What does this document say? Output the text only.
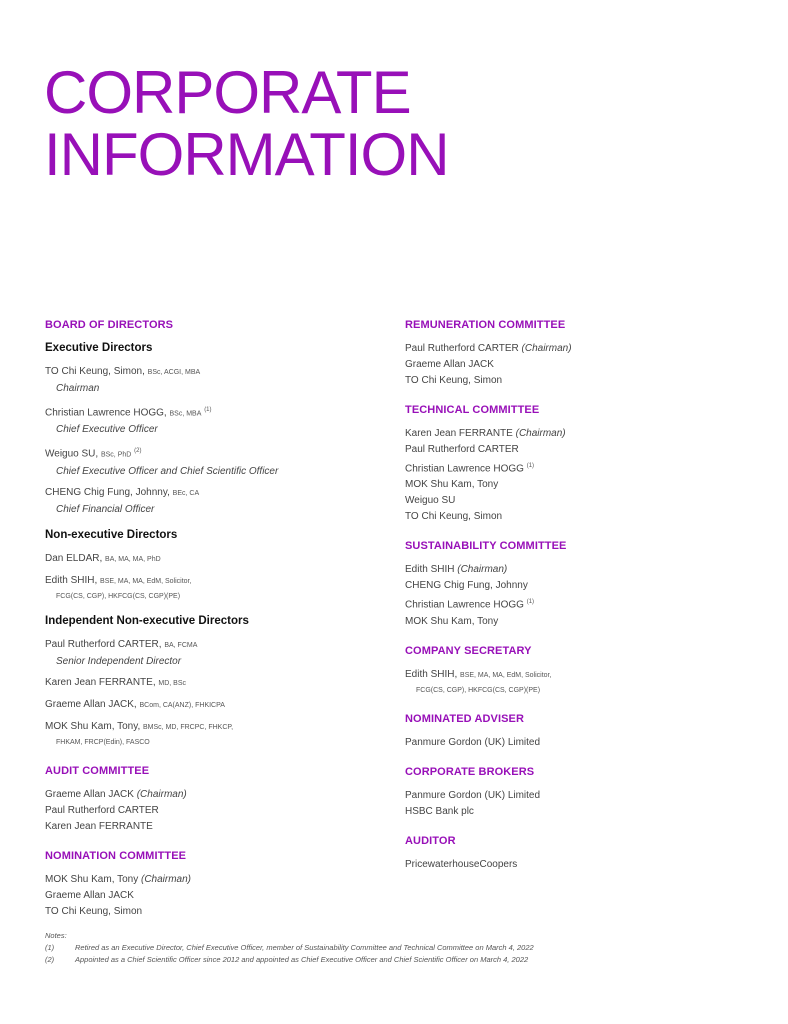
CORPORATE
INFORMATION
BOARD OF DIRECTORS
Executive Directors
TO Chi Keung, Simon, BSc, ACGI, MBA
Chairman
Christian Lawrence HOGG, BSc, MBA $^{(1)}$
Chief Executive Officer
Weiguo SU, BSc, PhD $^{(2)}$
Chief Executive Officer and Chief Scientific Officer
CHENG Chig Fung, Johnny, BEc, CA
Chief Financial Officer
Non-executive Directors
Dan ELDAR, BA, MA, MA, PhD
Edith SHIH, BSE, MA, MA, EdM, Solicitor,
FCG(CS, CGP), HKFCG(CS, CGP)(PE)
Independent Non-executive Directors
Paul Rutherford CARTER, BA, FCMA
Senior Independent Director
Karen Jean FERRANTE, MD, BSc
Graeme Allan JACK, BCom, CA(ANZ), FHKICPA
MOK Shu Kam, Tony, BMSc, MD, FRCPC, FHKCP,
FHKAM, FRCP(Edin), FASCO
AUDIT COMMITTEE
Graeme Allan JACK (Chairman)
Paul Rutherford CARTER
Karen Jean FERRANTE
NOMINATION COMMITTEE
MOK Shu Kam, Tony (Chairman)
Graeme Allan JACK
TO Chi Keung, Simon
REMUNERATION COMMITTEE
Paul Rutherford CARTER (Chairman)
Graeme Allan JACK
TO Chi Keung, Simon
TECHNICAL COMMITTEE
Karen Jean FERRANTE (Chairman)
Paul Rutherford CARTER
Christian Lawrence HOGG $^{(1)}$
MOK Shu Kam, Tony
Weiguo SU
TO Chi Keung, Simon
SUSTAINABILITY COMMITTEE
Edith SHIH (Chairman)
CHENG Chig Fung, Johnny
Christian Lawrence HOGG $^{(1)}$
MOK Shu Kam, Tony
COMPANY SECRETARY
Edith SHIH, BSE, MA, MA, EdM, Solicitor,
FCG(CS, CGP), HKFCG(CS, CGP)(PE)
NOMINATED ADVISER
Panmure Gordon (UK) Limited
CORPORATE BROKERS
Panmure Gordon (UK) Limited
HSBC Bank plc
AUDITOR
PricewaterhouseCoopers
Notes:
(1)	Retired as an Executive Director, Chief Executive Officer, member of Sustainability Committee and Technical Committee on March 4, 2022
(2)	Appointed as a Chief Scientific Officer since 2012 and appointed as Chief Executive Officer and Chief Scientific Officer on March 4, 2022
